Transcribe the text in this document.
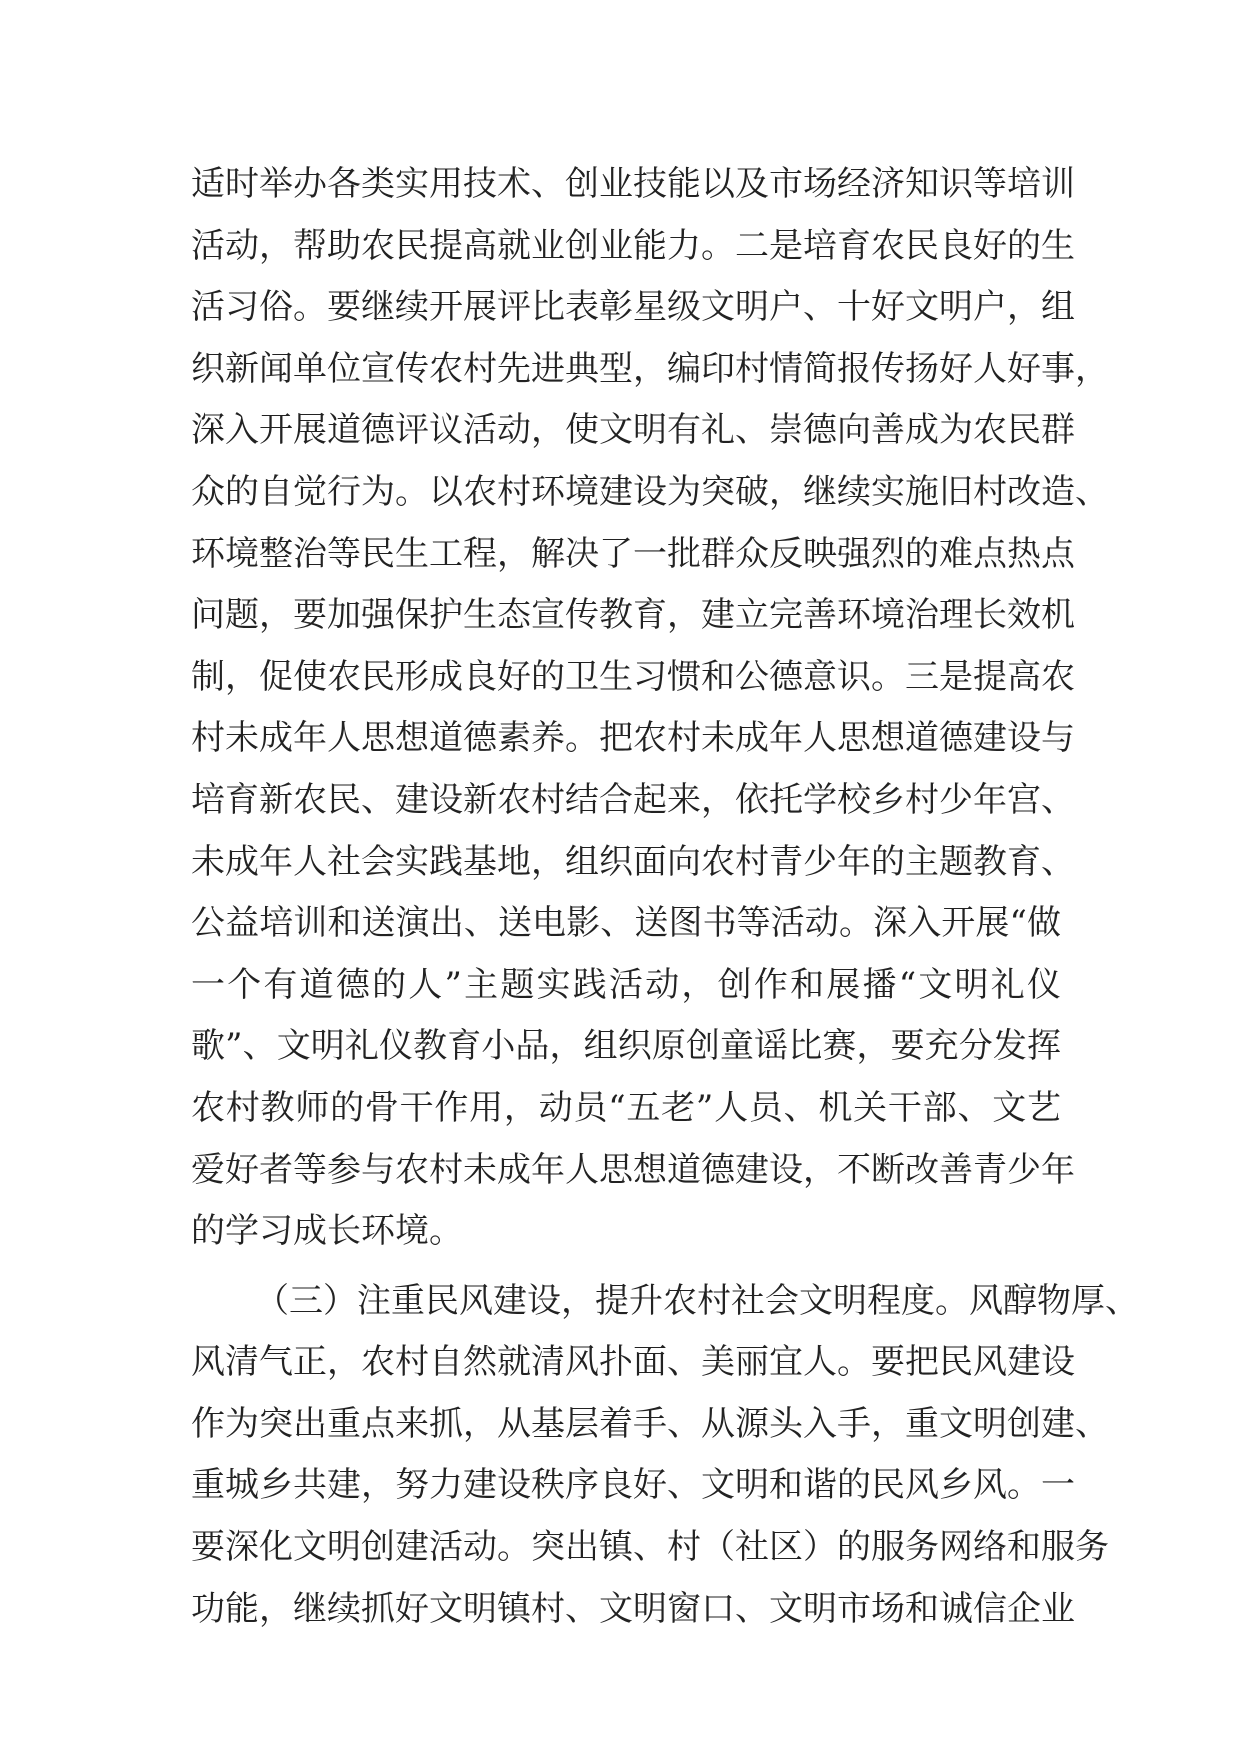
适时举办各类实用技术、创业技能以及市场经济知识等培训
活动，帮助农民提高就业创业能力。二是培育农民良好的生
活习俗。要继续开展评比表彰星级文明户、十好文明户，组
织新闻单位宣传农村先进典型，编印村情简报传扬好人好事，
深入开展道德评议活动，使文明有礼、崇德向善成为农民群
众的自觉行为。以农村环境建设为突破，继续实施旧村改造、
环境整治等民生工程，解决了一批群众反映强烈的难点热点
问题，要加强保护生态宣传教育，建立完善环境治理长效机
制，促使农民形成良好的卫生习惯和公德意识。三是提高农
村未成年人思想道德素养。把农村未成年人思想道德建设与
培育新农民、建设新农村结合起来，依托学校乡村少年宫、
未成年人社会实践基地，组织面向农村青少年的主题教育、
公益培训和送演出、送电影、送图书等活动。深入开展“做
一个有道德的人”主题实践活动，创作和展播“文明礼仪
歌”、文明礼仪教育小品，组织原创童谣比赛，要充分发挥
农村教师的骨干作用，动员“五老”人员、机关干部、文艺
爱好者等参与农村未成年人思想道德建设，不断改善青少年
的学习成长环境。
（三）注重民风建设，提升农村社会文明程度。风醇物厚、
风清气正，农村自然就清风扑面、美丽宜人。要把民风建设
作为突出重点来抓，从基层着手、从源头入手，重文明创建、
重城乡共建，努力建设秩序良好、文明和谐的民风乡风。一
要深化文明创建活动。突出镇、村（社区）的服务网络和服务
功能，继续抓好文明镇村、文明窗口、文明市场和诚信企业
